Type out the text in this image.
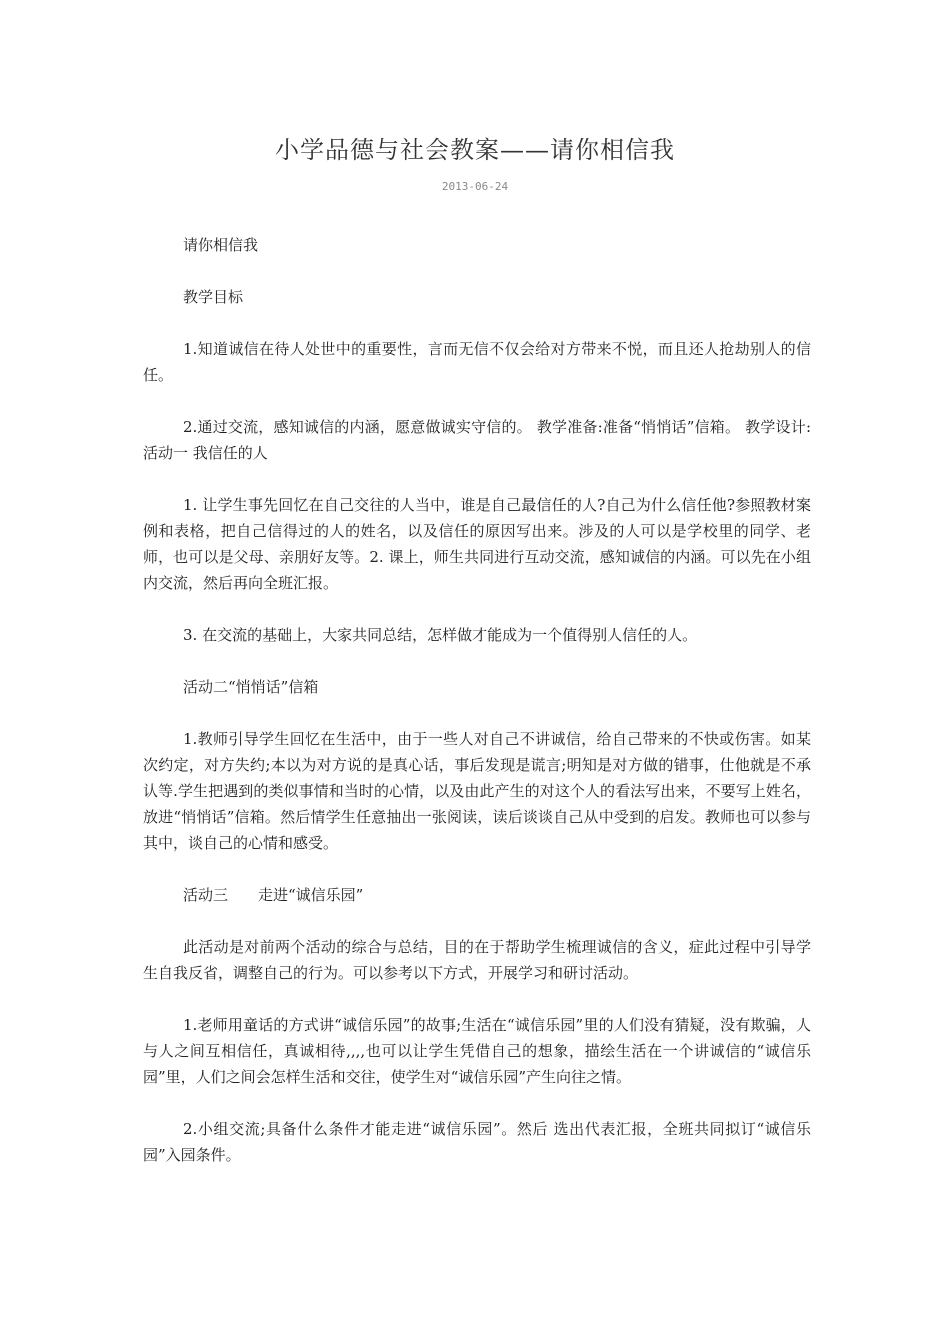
小学品德与社会教案——请你相信我
2013-06-24

请你相信我

教学目标

1.知道诚信在待人处世中的重要性，言而无信不仅会给对方带来不悦，而且还人抢劫别人的信任。

2.通过交流，感知诚信的内涵，愿意做诚实守信的。 教学准备:准备“悄悄话”信箱。 教学设计: 活动一 我信任的人

1. 让学生事先回忆在自己交往的人当中，谁是自己最信任的人?自己为什么信任他?参照教材案例和表格，把自己信得过的人的姓名，以及信任的原因写出来。涉及的人可以是学校里的同学、老师，也可以是父母、亲朋好友等。2. 课上，师生共同进行互动交流，感知诚信的内涵。可以先在小组内交流，然后再向全班汇报。

3. 在交流的基础上，大家共同总结，怎样做才能成为一个值得别人信任的人。

活动二“悄悄话”信箱

1.教师引导学生回忆在生活中，由于一些人对自己不讲诚信，给自己带来的不快或伤害。如某次约定，对方失约;本以为对方说的是真心话，事后发现是谎言;明知是对方做的错事，仕他就是不承认等.学生把遇到的类似事情和当时的心情，以及由此产生的对这个人的看法写出来，不要写上姓名，放进“悄悄话”信箱。然后情学生任意抽出一张阅读，读后谈谈自己从中受到的启发。教师也可以参与其中，谈自己的心情和感受。

活动三　　走进“诚信乐园”

此活动是对前两个活动的综合与总结，目的在于帮助学生梳理诚信的含义，症此过程中引导学生自我反省，调整自己的行为。可以参考以下方式，开展学习和研讨活动。

1.老师用童话的方式讲“诚信乐园”的故事;生活在“诚信乐园”里的人们没有猜疑，没有欺骗，人与人之间互相信任，真诚相待,,,,也可以让学生凭借自己的想象，描绘生活在一个讲诚信的“诚信乐园”里，人们之间会怎样生活和交往，使学生对“诚信乐园”产生向往之情。

2.小组交流;具备什么条件才能走进“诚信乐园”。然后 选出代表汇报，全班共同拟订“诚信乐园”入园条件。
